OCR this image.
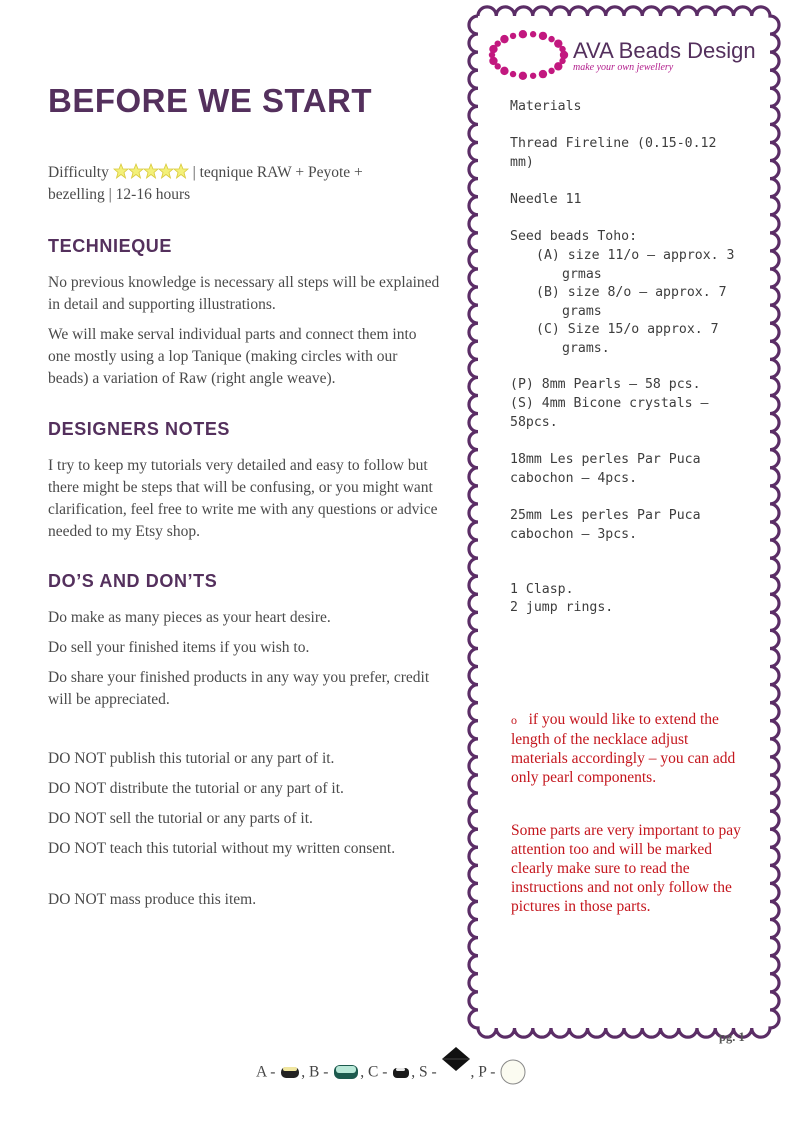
BEFORE WE START
Difficulty	| teqnique RAW + Peyote +
bezelling | 12-16 hours
TECHNIEQUE

No previous knowledge is necessary all steps will be explained in detail and supporting illustrations.

We will make serval individual parts and connect them into one mostly using a lop Tanique (making circles with our beads) a variation of Raw (right angle weave).

DESIGNERS NOTES

I try to keep my tutorials very detailed and easy to follow but there might be steps that will be confusing, or you might want clarification, feel free to write me with any questions or advice needed to my Etsy shop.

DO’S AND DON’TS

Do make as many pieces as your heart desire.

Do sell your finished items if you wish to.

Do share your finished products in any way you prefer, credit will be appreciated.

DO NOT publish this tutorial or any part of it.

DO NOT distribute the tutorial or any part of it.

DO NOT sell the tutorial or any parts of it.

DO NOT teach this tutorial without my written consent.

DO NOT mass produce this item.

AVA Beads Design
make your own jewellery

Materials

Thread Fireline (0.15-0.12 mm)

Needle 11

Seed beads Toho:

(A) size 11/o – approx. 3 grmas

(B) size 8/o – approx. 7 grams

(C) Size 15/o approx. 7 grams.

(P) 8mm Pearls – 58 pcs.

(S) 4mm Bicone crystals – 58pcs.

18mm Les perles Par Puca cabochon – 4pcs.

25mm Les perles Par Puca cabochon – 3pcs.

1 Clasp.

2 jump rings.

o if you would like to extend the length of the necklace adjust materials accordingly – you can add only pearl components.

Some parts are very important to pay attention too and will be marked clearly make sure to read the instructions and not only follow the pictures in those parts.

pg. 1
A - , B - , C - , S - , P -
